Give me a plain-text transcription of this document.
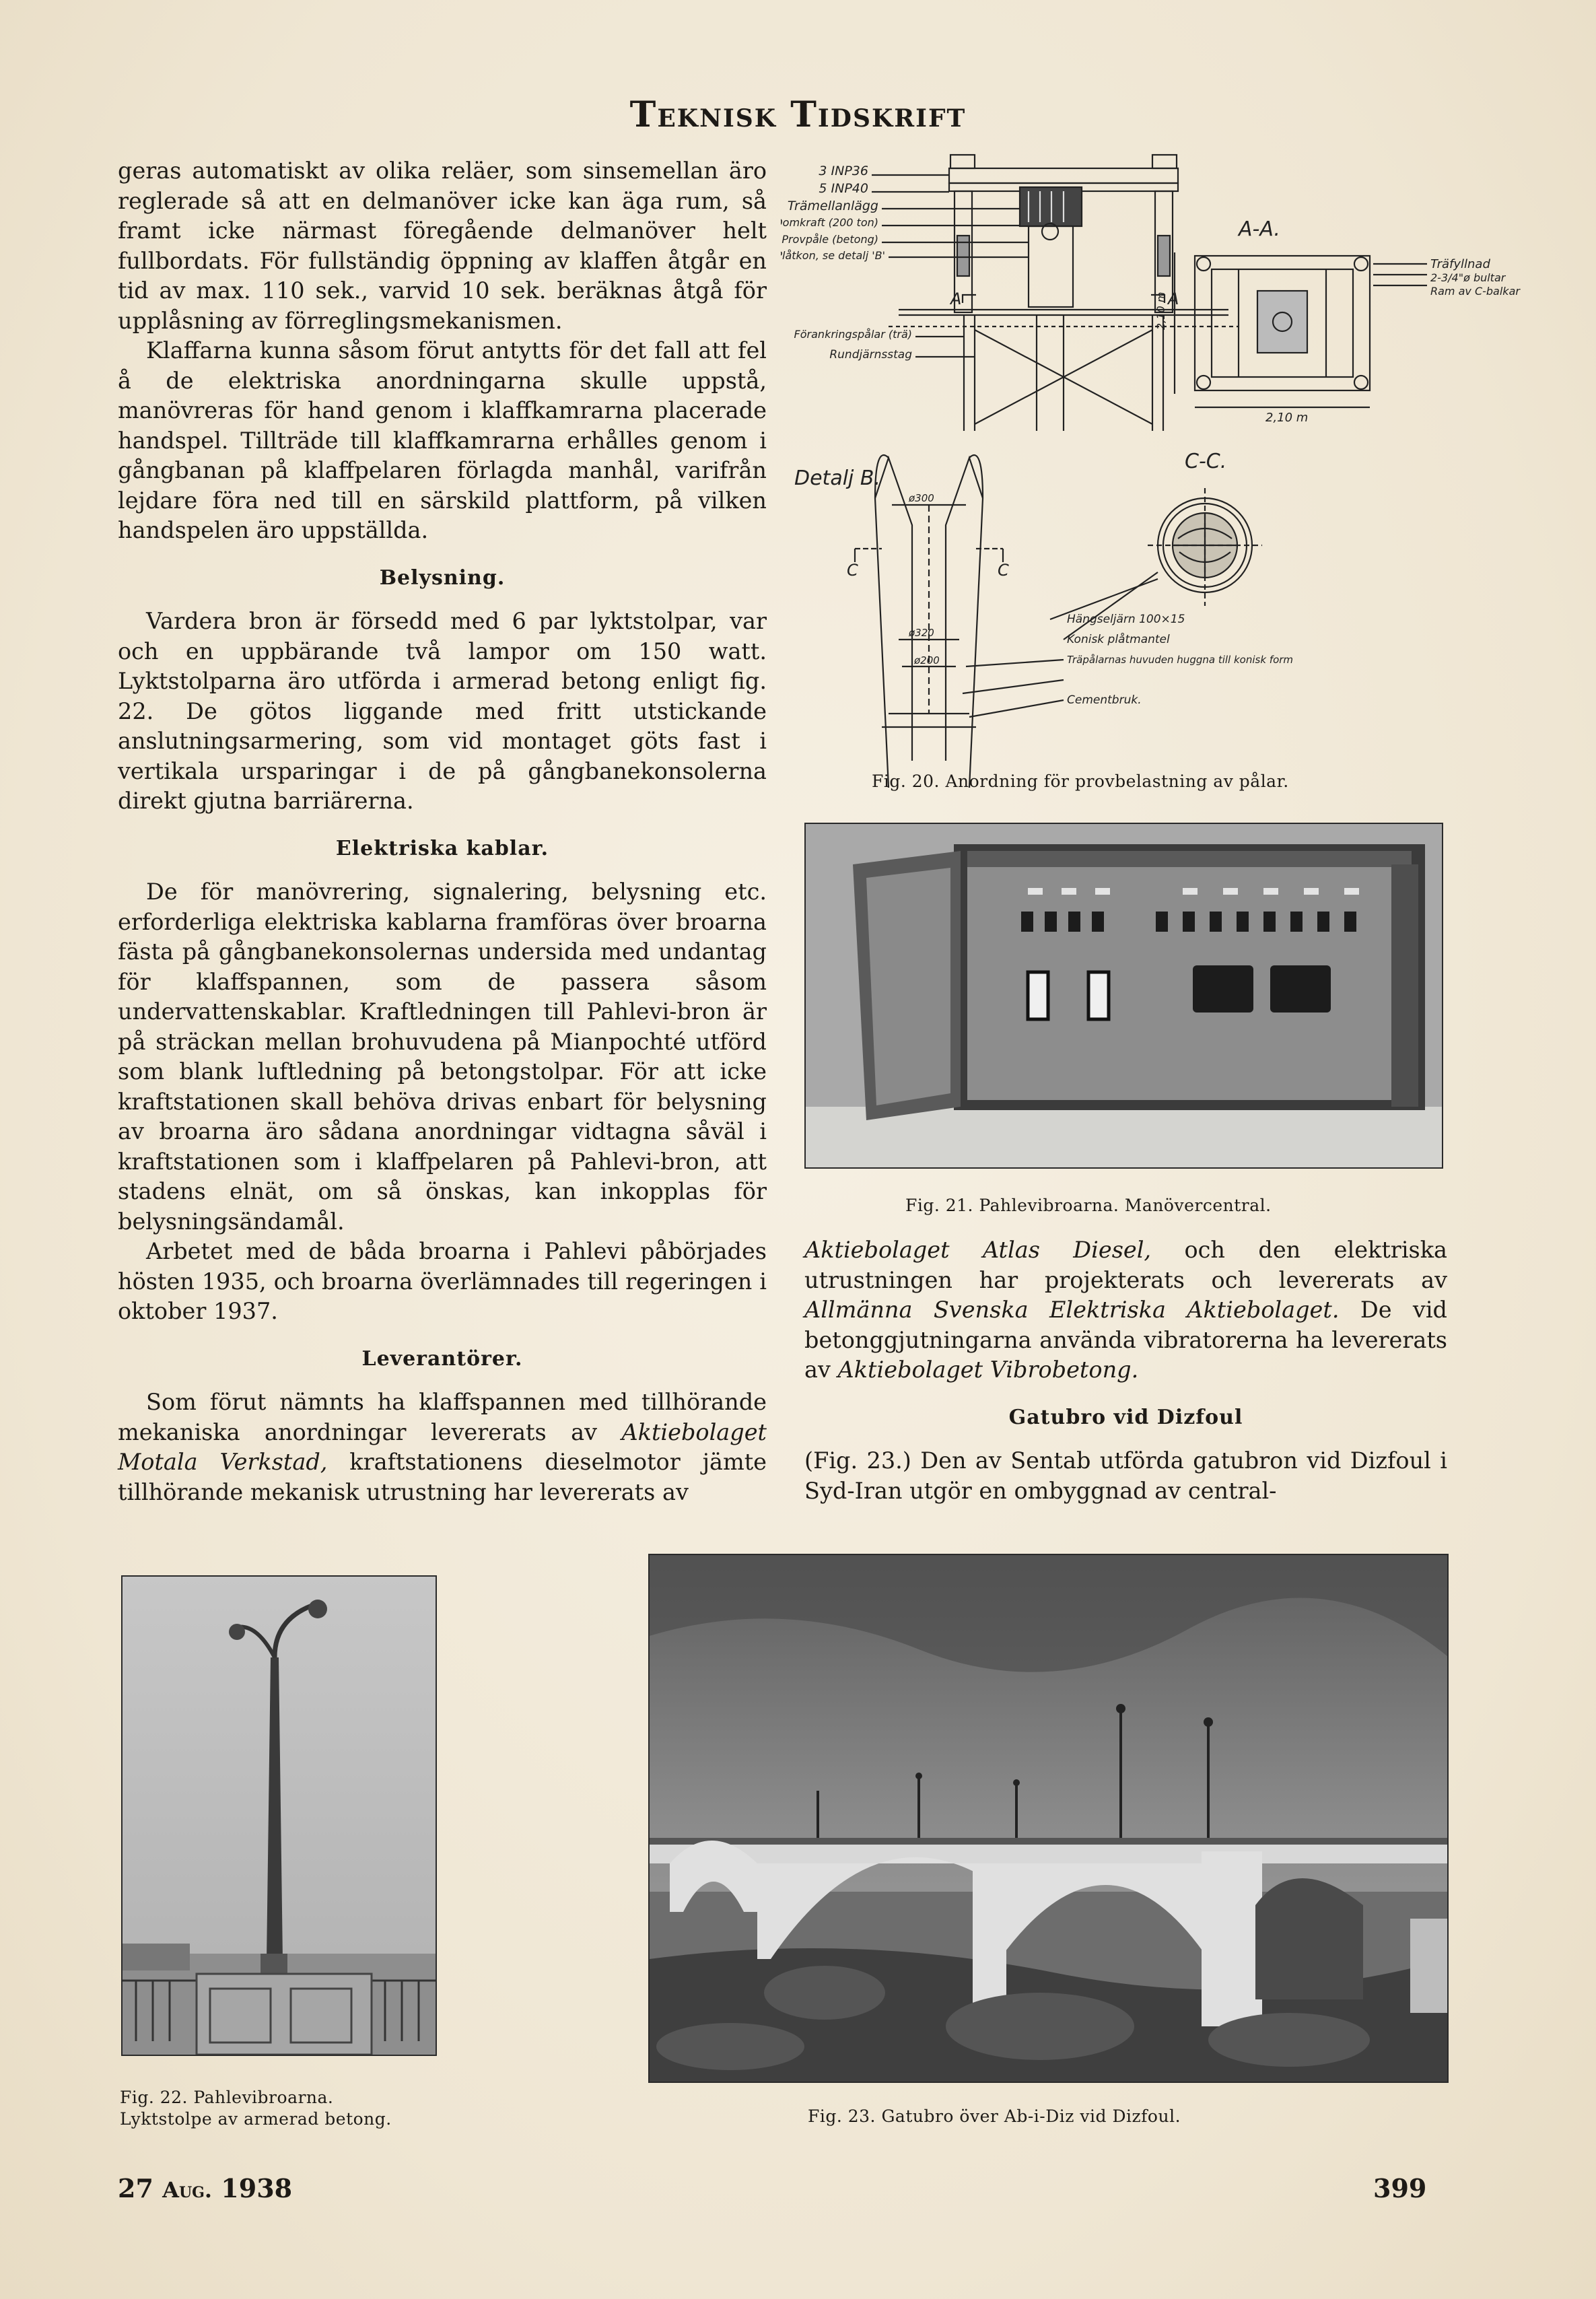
Teknisk Tidskrift

geras automatiskt av olika reläer, som sinsemellan äro reglerade så att en delmanöver icke kan äga rum, så framt icke närmast föregående delmanöver helt fullbordats. För fullständig öppning av klaffen åtgår en tid av max. 110 sek., varvid 10 sek. beräknas åtgå för upplåsning av förreglingsmekanismen.

Klaffarna kunna såsom förut antytts för det fall att fel å de elektriska anordningarna skulle uppstå, manövreras för hand genom i klaffkamrarna placerade handspel. Tillträde till klaffkamrarna erhålles genom i gångbanan på klaffpelaren förlagda manhål, varifrån lejdare föra ned till en särskild plattform, på vilken handspelen äro uppställda.

Belysning.

Vardera bron är försedd med 6 par lyktstolpar, var och en uppbärande två lampor om 150 watt. Lyktstolparna äro utförda i armerad betong enligt fig. 22. De götos liggande med fritt utstickande anslutningsarmering, som vid montaget göts fast i vertikala ursparingar i de på gångbanekonsolerna direkt gjutna barriärerna.

Elektriska kablar.

De för manövrering, signalering, belysning etc. erforderliga elektriska kablarna framföras över broarna fästa på gångbanekonsolernas undersida med undantag för klaffspannen, som de passera såsom undervattenskablar. Kraftledningen till Pahlevi-bron är på sträckan mellan brohuvudena på Mianpochté utförd som blank luftledning på betongstolpar. För att icke kraftstationen skall behöva drivas enbart för belysning av broarna äro sådana anordningar vidtagna såväl i kraftstationen som i klaffpelaren på Pahlevi-bron, att stadens elnät, om så önskas, kan inkopplas för belysningsändamål.

Arbetet med de båda broarna i Pahlevi påbörjades hösten 1935, och broarna överlämnades till regeringen i oktober 1937.

Leverantörer.

Som förut nämnts ha klaffspannen med tillhörande mekaniska anordningar levererats av Aktiebolaget Motala Verkstad, kraftstationens dieselmotor jämte tillhörande mekanisk utrustning har levererats av

3 INP36
5 INP40
Trämellanlägg
Domkraft (200 ton)
Provpåle (betong)
Plåtkon, se detalj 'B'
Förankringspålar (trä)
Rundjärnsstag
A	A
A-A.
Träfyllnad
2-3/4"ø bultar
Ram av C-balkar
2,10 m
2,10 m
Detalj B.
C-C.
C	C
ø300
ø320
ø200
Hängseljärn 100×15
Konisk plåtmantel
Träpålarnas huvuden huggna till konisk form
Cementbruk.
Fig. 20. Anordning för provbelastning av pålar.
Fig. 21. Pahlevibroarna. Manövercentral.

Aktiebolaget Atlas Diesel, och den elektriska utrustningen har projekterats och levererats av Allmänna Svenska Elektriska Aktiebolaget. De vid betonggjutningarna använda vibratorerna ha levererats av Aktiebolaget Vibrobetong.

Gatubro vid Dizfoul

(Fig. 23.) Den av Sentab utförda gatubron vid Dizfoul i Syd-Iran utgör en ombyggnad av central-

Fig. 22. Pahlevibroarna.
Lyktstolpe av armerad betong.	Fig. 23. Gatubro över Ab-i-Diz vid Dizfoul.
27 Aug. 1938	399
